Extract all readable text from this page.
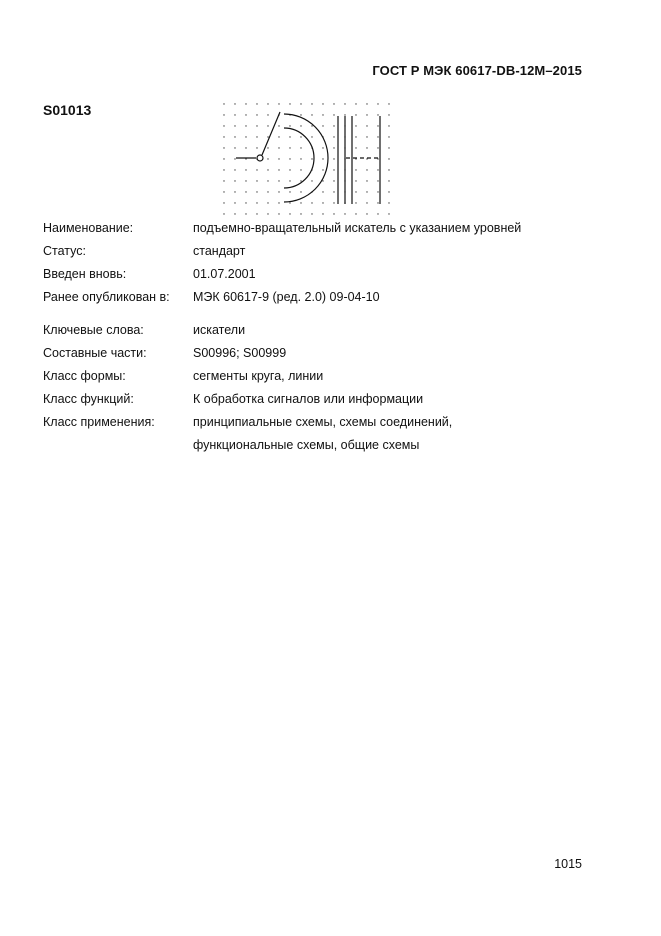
ГОСТ Р МЭК 60617-DB-12M–2015
S01013
Наименование:	подъемно-вращательный искатель с указанием уровней
Статус:	стандарт
Введен вновь:	01.07.2001
Ранее опубликован в: МЭК 60617-9 (ред. 2.0) 09-04-10
Ключевые слова:	искатели
Составные части:	S00996; S00999
Класс формы:	сегменты круга, линии
Класс функций:	К обработка сигналов или информации
Класс применения:	принципиальные схемы, схемы соединений,
функциональные схемы, общие схемы
1015
